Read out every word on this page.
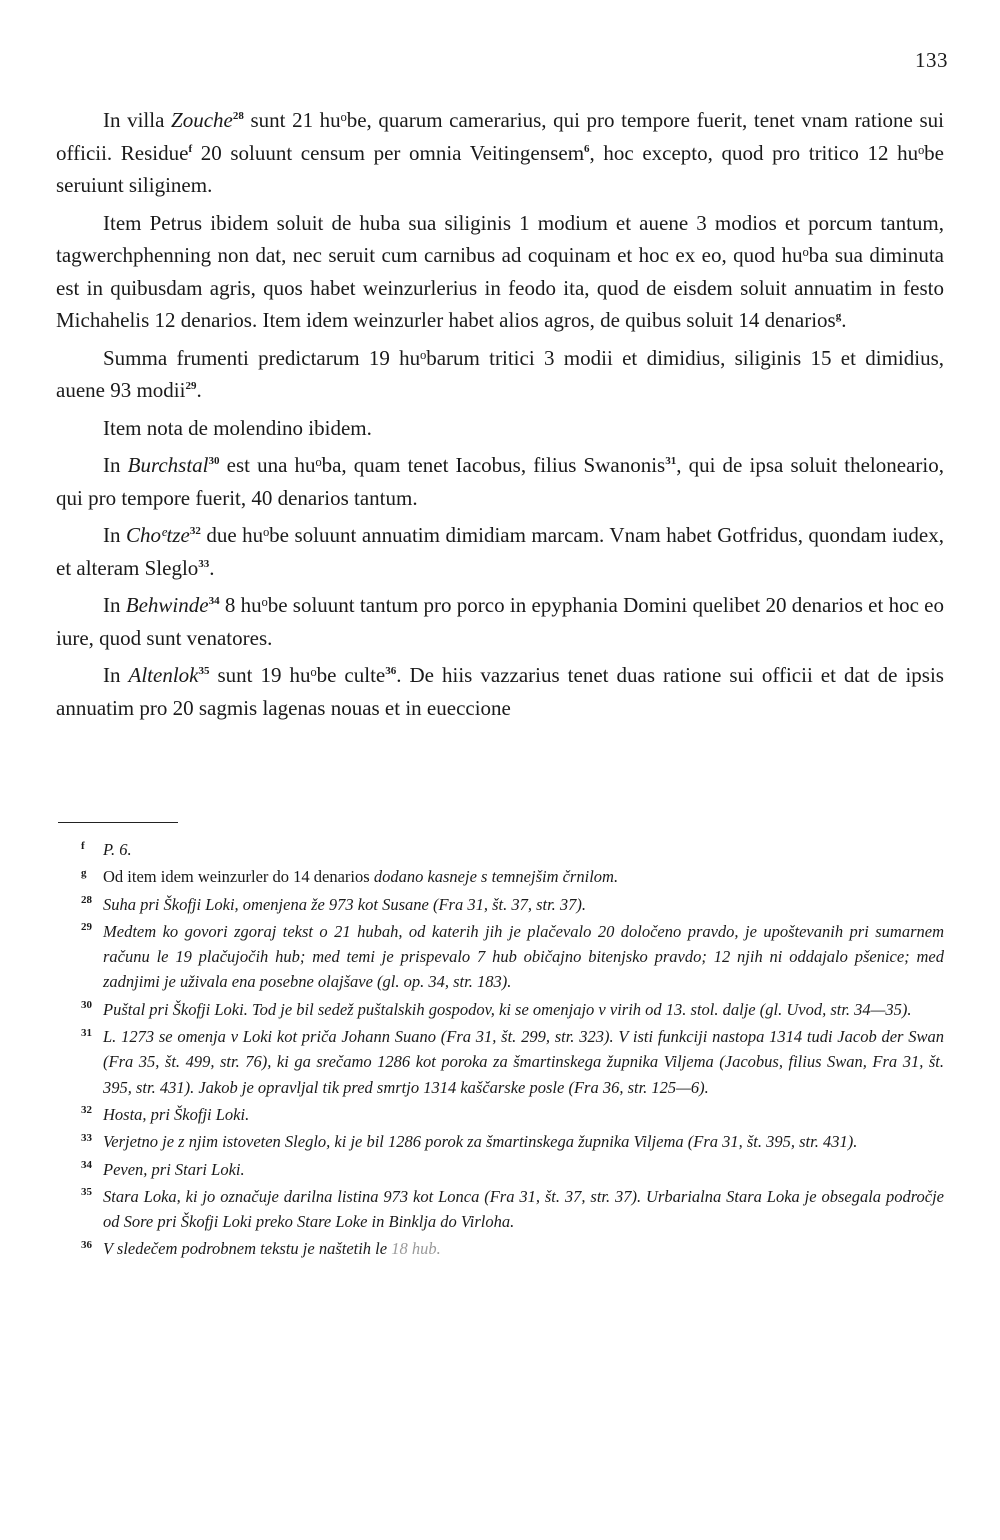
133

In villa Zouche$^{28}$ sunt 21 huᵒbe, quarum camerarius, qui pro tempore fuerit, tenet vnam ratione sui officii. Residue$^f$ 20 soluunt censum per omnia Veitingensem$^6$, hoc excepto, quod pro tritico 12 huᵒbe seruiunt siliginem.

Item Petrus ibidem soluit de huba sua siliginis 1 modium et auene 3 modios et porcum tantum, tagwerchphenning non dat, nec seruit cum carnibus ad coquinam et hoc ex eo, quod huᵒba sua diminuta est in quibusdam agris, quos habet weinzurlerius in feodo ita, quod de eisdem soluit annuatim in festo Michahelis 12 denarios. Item idem weinzurler habet alios agros, de quibus soluit 14 denarios$^g$.

Summa frumenti predictarum 19 huᵒbarum tritici 3 modii et dimidius, siliginis 15 et dimidius, auene 93 modii$^{29}$.

Item nota de molendino ibidem.

In Burchstal$^{30}$ est una huᵒba, quam tenet Iacobus, filius Swanonis$^{31}$, qui de ipsa soluit theloneario, qui pro tempore fuerit, 40 denarios tantum.

In Choᵉtze$^{32}$ due huᵒbe soluunt annuatim dimidiam marcam. Vnam habet Gotfridus, quondam iudex, et alteram Sleglo$^{33}$.

In Behwinde$^{34}$ 8 huᵒbe soluunt tantum pro porco in epyphania Domini quelibet 20 denarios et hoc eo iure, quod sunt venatores.

In Altenlok$^{35}$ sunt 19 huᵒbe culte$^{36}$. De hiis vazzarius tenet duas ratione sui officii et dat de ipsis annuatim pro 20 sagmis lagenas nouas et in eueccione

f P. 6.
g Od item idem weinzurler do 14 denarios dodano kasneje s temnejšim črnilom.
28 Suha pri Škofji Loki, omenjena že 973 kot Susane (Fra 31, št. 37, str. 37).
29 Medtem ko govori zgoraj tekst o 21 hubah, od katerih jih je plačevalo 20 določeno pravdo, je upoštevanih pri sumarnem računu le 19 plačujоčih hub; med temi je prispevalo 7 hub običajno bitenjsko pravdo; 12 njih ni oddajalo pšenice; med zadnjimi je uživala ena posebne olajšave (gl. op. 34, str. 183).
30 Puštal pri Škofji Loki. Tod je bil sedež puštalskih gospodov, ki se omenjajo v virih od 13. stol. dalje (gl. Uvod, str. 34—35).
31 L. 1273 se omenja v Loki kot priča Johann Suano (Fra 31, št. 299, str. 323). V isti funkciji nastopa 1314 tudi Jacob der Swan (Fra 35, št. 499, str. 76), ki ga srečamo 1286 kot poroka za šmartinskega župnika Viljema (Jacobus, filius Swan, Fra 31, št. 395, str. 431). Jakob je opravljal tik pred smrtjo 1314 kaščarske posle (Fra 36, str. 125—6).
32 Hosta, pri Škofji Loki.
33 Verjetno je z njim istoveten Sleglo, ki je bil 1286 porok za šmartinskega župnika Viljema (Fra 31, št. 395, str. 431).
34 Peven, pri Stari Loki.
35 Stara Loka, ki jo označuje darilna listina 973 kot Lonca (Fra 31, št. 37, str. 37). Urbarialna Stara Loka je obsegala področje od Sore pri Škofji Loki preko Stare Loke in Binklja do Virloha.
36 V sledečem podrobnem tekstu je naštetih le 18 hub.
